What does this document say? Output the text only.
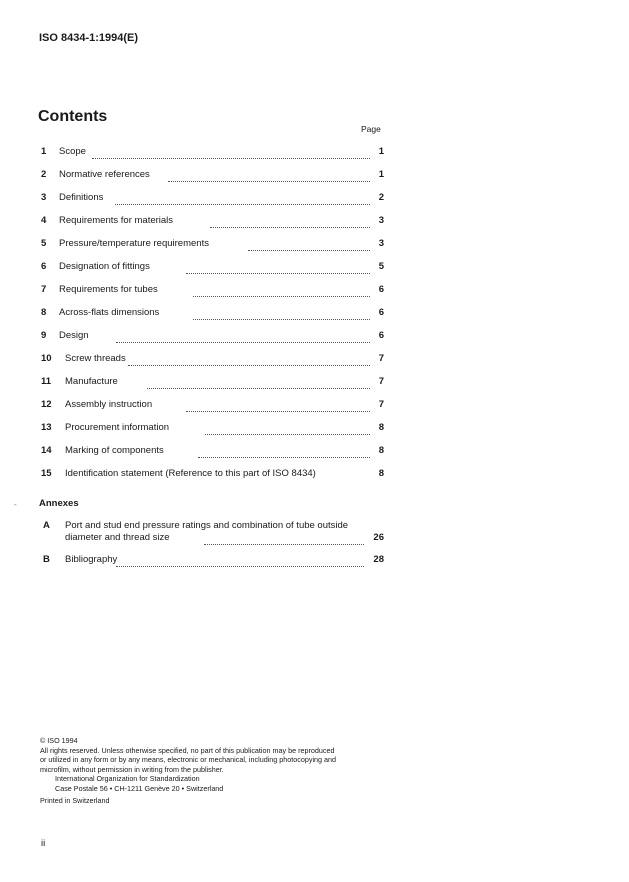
ISO 8434-1:1994(E)
Contents
Page
1 Scope	1
2 Normative references	1
3 Definitions	2
4 Requirements for materials	3
5 Pressure/temperature requirements	3
6 Designation of fittings	5
7 Requirements for tubes	6
8 Across-flats dimensions	6
9 Design	6
10 Screw threads	7
11 Manufacture	7
12 Assembly instruction	7
13 Procurement information	8
14 Marking of components	8
15 Identification statement (Reference to this part of ISO 8434)	8
- Annexes
A Port and stud end pressure ratings and combination of tube outside
diameter and thread size	26
B Bibliography	28
© ISO 1994
All rights reserved. Unless otherwise specified, no part of this publication may be reproduced
or utilized in any form or by any means, electronic or mechanical, including photocopying and
microfilm, without permission in writing from the publisher.
International Organization for Standardization
Case Postale 56 • CH-1211 Genève 20 • Switzerland
Printed in Switzerland
ii
